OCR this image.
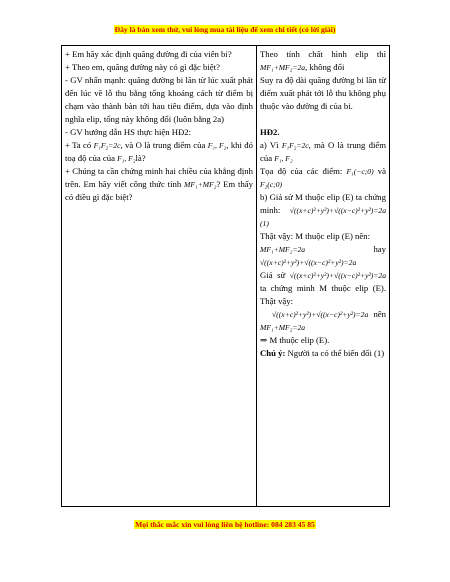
Đây là bản xem thử, vui lòng mua tài liệu để xem chi tiết (có lời giải)

+ Em hãy xác định quãng đường đi của viên bi?

+ Theo em, quãng đường này có gì đặc biệt?

- GV nhấn mạnh: quãng đường bi lăn từ lúc xuất phát đến lúc về lỗ thu bằng tổng khoảng cách từ điểm bị chạm vào thành bàn tới hau tiêu điểm, dựa vào định nghĩa elip, tổng này không đổi (luôn bằng 2a)

- GV hướng dẫn HS thực hiện HĐ2:

+ Ta có F₁F₂=2c, và O là trung điểm của F₁, F₂, khi đó toạ độ của của F₁, F₂là?

+ Chúng ta cần chứng minh hai chiều của khẳng định trên. Em hãy viết công thức tính MF₁+MF₂? Em thấy có điều gì đặc biệt?

Theo tính chất hình elip thì MF₁+MF₂=2a, không đổi

Suy ra độ dài quãng đường bi lăn từ điểm xuất phát tới lỗ thu không phụ thuộc vào đường đi của bi.

HĐ2.

a) Vì F₁F₂=2c, mà O là trung điểm của F₁, F₂

Tọa độ của các điểm: F₁(−c;0) và F₂(c;0)

b) Giả sử M thuộc elip (E) ta chứng minh: √((x+c)²+y²)+√((x−c)²+y²)=2a (1)

Thật vậy: M thuộc elip (E) nên:

MF₁+MF₂=2a	hay

√((x+c)²+y²)+√((x−c)²+y²)=2a

Giả sử √((x+c)²+y²)+√((x−c)²+y²)=2a ta chứng minh M thuộc elip (E). Thật vậy:

√((x+c)²+y²)+√((x−c)²+y²)=2a nên

MF₁+MF₂=2a

⇒ M thuộc elip (E).

Chú ý: Người ta có thể biến đổi (1)

Mọi thắc mắc xin vui lòng liên hệ hotline: 084 283 45 85
